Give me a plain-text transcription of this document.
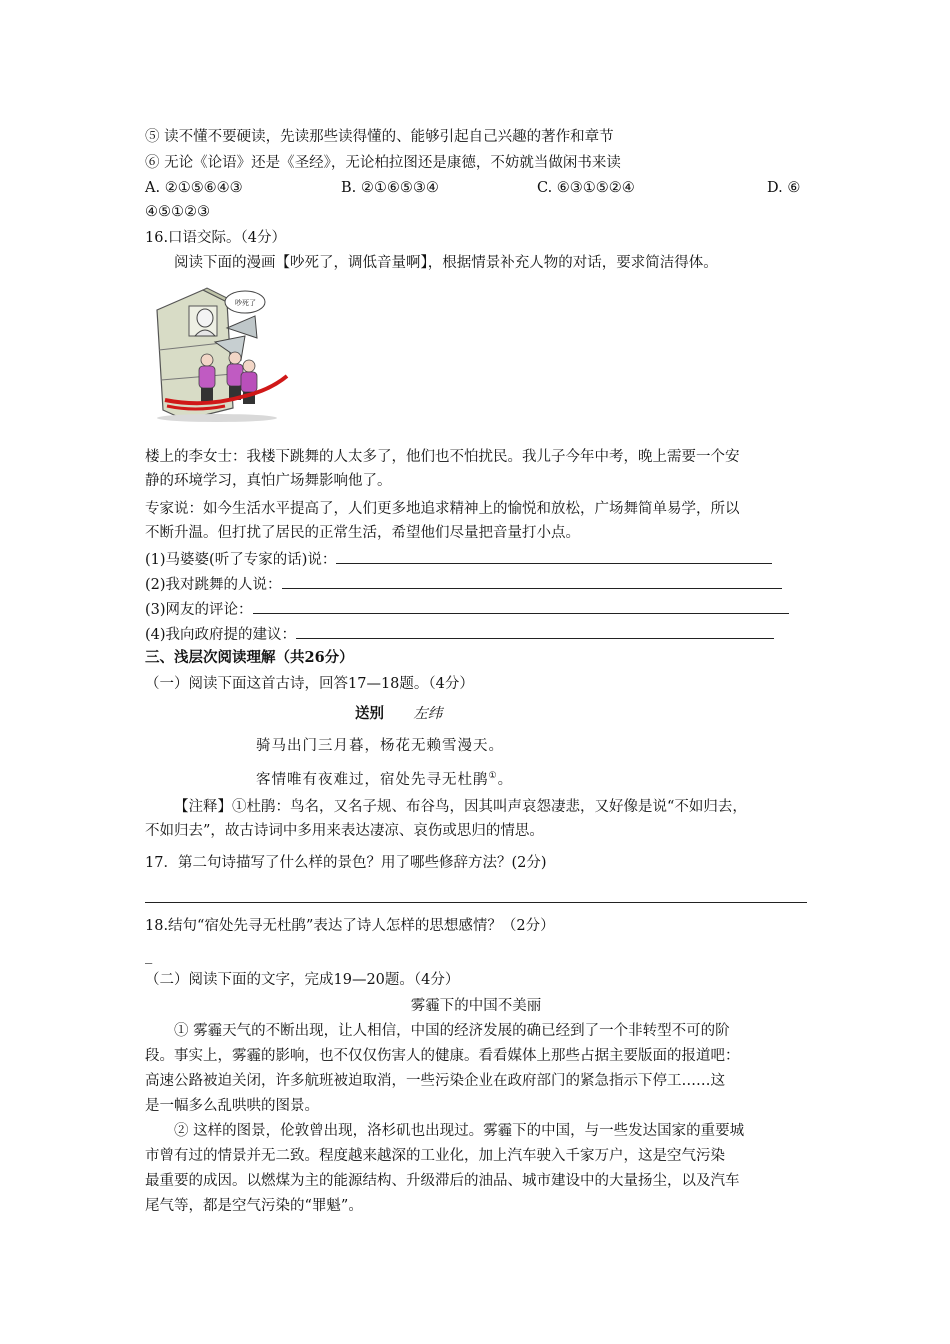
⑤ 读不懂不要硬读，先读那些读得懂的、能够引起自己兴趣的著作和章节
⑥ 无论《论语》还是《圣经》，无论柏拉图还是康德，不妨就当做闲书来读
A. ②①⑤⑥④③	B. ②①⑥⑤③④	C. ⑥③①⑤②④	D. ⑥
④⑤①②③
16.口语交际。（4分）
阅读下面的漫画【吵死了，调低音量啊】，根据情景补充人物的对话，要求简洁得体。
吵死了
楼上的李女士：我楼下跳舞的人太多了，他们也不怕扰民。我儿子今年中考，晚上需要一个安
静的环境学习，真怕广场舞影响他了。
专家说：如今生活水平提高了，人们更多地追求精神上的愉悦和放松，广场舞简单易学，所以
不断升温。但打扰了居民的正常生活，希望他们尽量把音量打小点。
(1)马婆婆(听了专家的话)说：
(2)我对跳舞的人说：
(3)网友的评论：
(4)我向政府提的建议：
三、浅层次阅读理解（共26分）
（一）阅读下面这首古诗，回答17—18题。（4分）
送别 左纬
骑马出门三月暮，杨花无赖雪漫天。
客情唯有夜难过，宿处先寻无杜鹃①。
【注释】①杜鹃：鸟名，又名子规、布谷鸟，因其叫声哀怨凄悲，又好像是说“不如归去，
不如归去”，故古诗词中多用来表达凄凉、哀伤或思归的情思。
17．第二句诗描写了什么样的景色？用了哪些修辞方法？(2分)
18.结句“宿处先寻无杜鹃”表达了诗人怎样的思想感情？（2分）
_
（二）阅读下面的文字，完成19—20题。（4分）
雾霾下的中国不美丽
① 雾霾天气的不断出现，让人相信，中国的经济发展的确已经到了一个非转型不可的阶
段。事实上，雾霾的影响，也不仅仅伤害人的健康。看看媒体上那些占据主要版面的报道吧：
高速公路被迫关闭，许多航班被迫取消，一些污染企业在政府部门的紧急指示下停工……这
是一幅多么乱哄哄的图景。
② 这样的图景，伦敦曾出现，洛杉矶也出现过。雾霾下的中国，与一些发达国家的重要城
市曾有过的情景并无二致。程度越来越深的工业化，加上汽车驶入千家万户，这是空气污染
最重要的成因。以燃煤为主的能源结构、升级滞后的油品、城市建设中的大量扬尘，以及汽车
尾气等，都是空气污染的“罪魁”。
